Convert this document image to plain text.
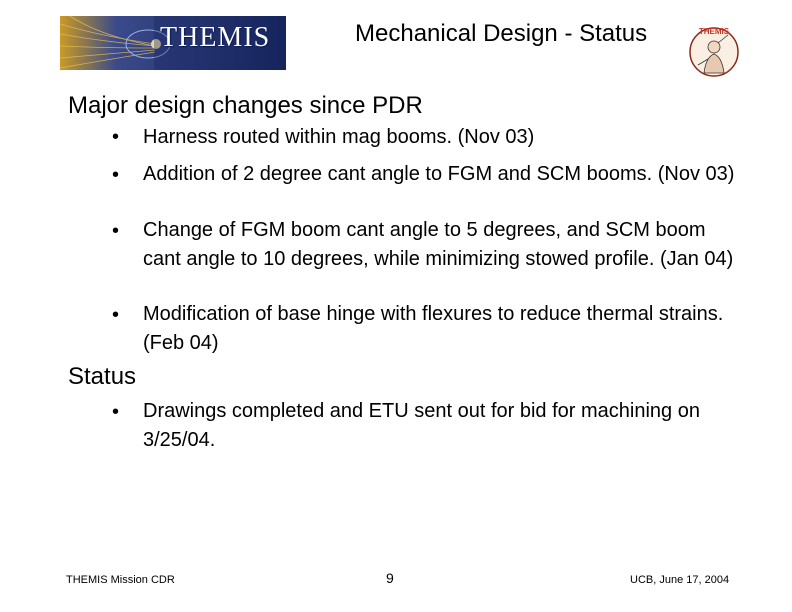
THEMIS	Mechanical Design - Status	THEMIS
Major design changes since PDR
• Harness routed within mag booms. (Nov 03)
• Addition of 2 degree cant angle to FGM and SCM booms. (Nov 03)
• Change of FGM boom cant angle to 5 degrees, and SCM boom cant angle to 10 degrees, while minimizing stowed profile. (Jan 04)
• Modification of base hinge with flexures to reduce thermal strains. (Feb 04)
Status
• Drawings completed and ETU sent out for bid for machining on 3/25/04.
THEMIS Mission CDR	9	UCB, June 17, 2004
